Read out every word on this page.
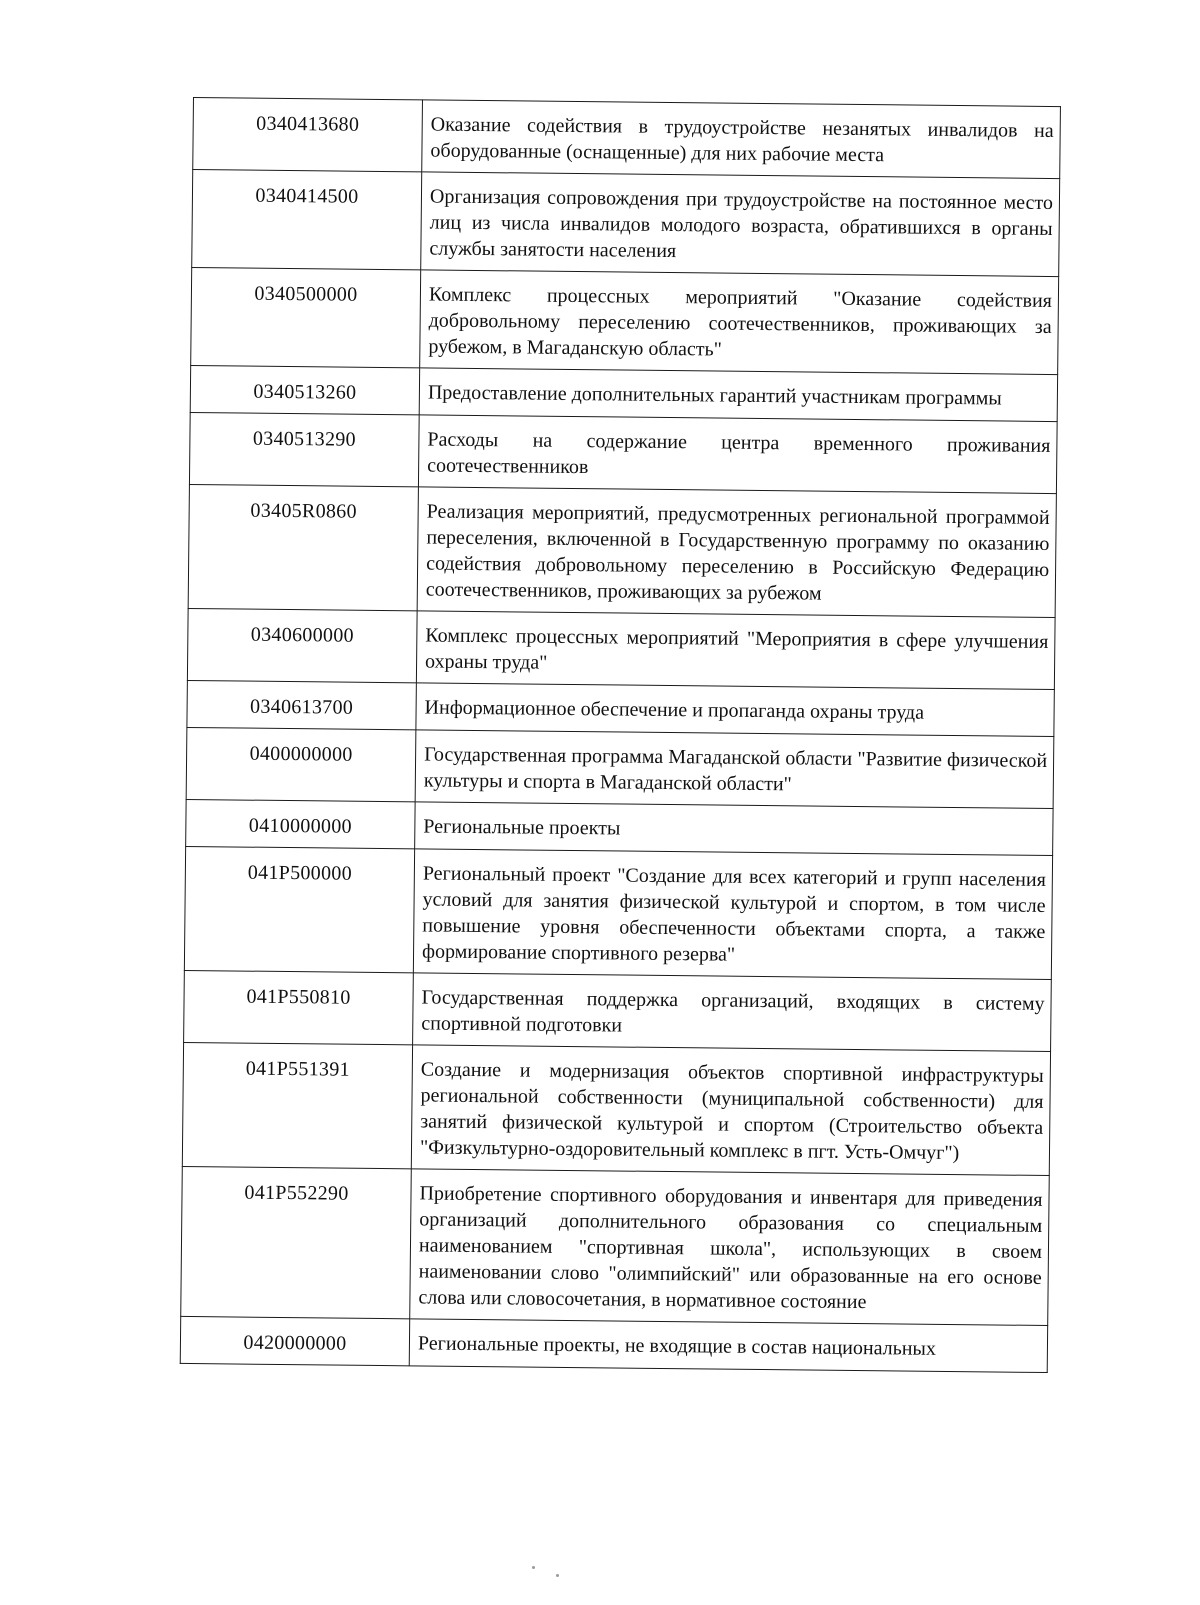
0340413680	Оказание содействия в трудоустройстве незанятых инвалидов на оборудованные (оснащенные) для них рабочие места
0340414500	Организация сопровождения при трудоустройстве на постоянное место лиц из числа инвалидов молодого возраста, обратившихся в органы службы занятости населения
0340500000	Комплекс процессных мероприятий "Оказание содействия добровольному переселению соотечественников, проживающих за рубежом, в Магаданскую область"
0340513260	Предоставление дополнительных гарантий участникам программы
0340513290	Расходы на содержание центра временного проживания соотечественников
03405R0860	Реализация мероприятий, предусмотренных региональной программой переселения, включенной в Государственную программу по оказанию содействия добровольному переселению в Российскую Федерацию соотечественников, проживающих за рубежом
0340600000	Комплекс процессных мероприятий "Мероприятия в сфере улучшения охраны труда"
0340613700	Информационное обеспечение и пропаганда охраны труда
0400000000	Государственная программа Магаданской области "Развитие физической культуры и спорта в Магаданской области"
0410000000	Региональные проекты
041Р500000	Региональный проект "Создание для всех категорий и групп населения условий для занятия физической культурой и спортом, в том числе повышение уровня обеспеченности объектами спорта, а также формирование спортивного резерва"
041Р550810	Государственная поддержка организаций, входящих в систему спортивной подготовки
041Р551391	Создание и модернизация объектов спортивной инфраструктуры региональной собственности (муниципальной собственности) для занятий физической культурой и спортом (Строительство объекта "Физкультурно-оздоровительный комплекс в пгт. Усть-Омчуг")
041Р552290	Приобретение спортивного оборудования и инвентаря для приведения организаций дополнительного образования со специальным наименованием "спортивная школа", использующих в своем наименовании слово "олимпийский" или образованные на его основе слова или словосочетания, в нормативное состояние
0420000000	Региональные проекты, не входящие в состав национальных
